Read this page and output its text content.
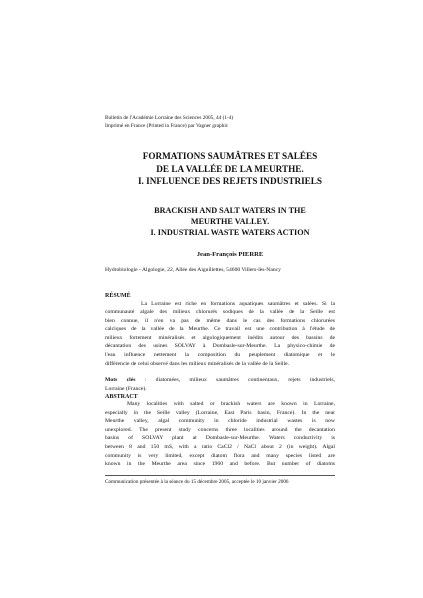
Bulletin de l'Académie Lorraine des Sciences 2005, 44 (1-4)
Imprimé en France (Printed in France) par Vagner graphic
FORMATIONS SAUMÂTRES ET SALÉES
DE LA VALLÉE DE LA MEURTHE.
I. INFLUENCE DES REJETS INDUSTRIELS
BRACKISH AND SALT WATERS IN THE
MEURTHE VALLEY.
I. INDUSTRIAL WASTE WATERS ACTION
Jean-François PIERRE
Hydrobiologie - Algologie, 22, Allée des Aiguillettes, 54600 Villers-lès-Nancy
RÉSUMÉ
La Lorraine est riche en formations aquatiques saumâtres et salées. Si la
communauté algale des milieux chlorurés sodiques de la vallée de la Seille est
bien connue, il n'en va pas de même dans le cas des formations chlorurées
calciques de la vallée de la Meurthe. Ce travail est une contribution à l'étude de
milieux fortement minéralisés et algologiquement inédits autour des bassins de
décantation des usines SOLVAY à Dombasle-sur-Meurthe. La physico-chimie de
l'eau influence nettement la composition du peuplement diatomique et le
différencie de celui observé dans les milieux minéralisés de la vallée de la Seille.
Mots clés : diatomées, milieux saumâtres continentaux, rejets industriels,
Lorraine (France).
ABSTRACT
Many localities with salted or brackish waters are known in Lorraine,
especially in the Seille valley (Lorraine, East Paris basin, France). In the near
Meurthe valley, algal community in chloride industrial wastes is now
unexplored. The present study concerns three localities around the decantation
basins of SOLVAY plant at Dombasle-sur-Meurthe. Waters conductivity is
between 8 and 150 mS, with a ratio CaCl2 / NaCl about 2 (in weight). Algal
community is very limited, except diatom flora and many species listed are
known in the Meurthe area since 1960 and before. But number of diatoms
Communication présentée à la séance du 15 décembre 2005, acceptée le 10 janvier 2006
